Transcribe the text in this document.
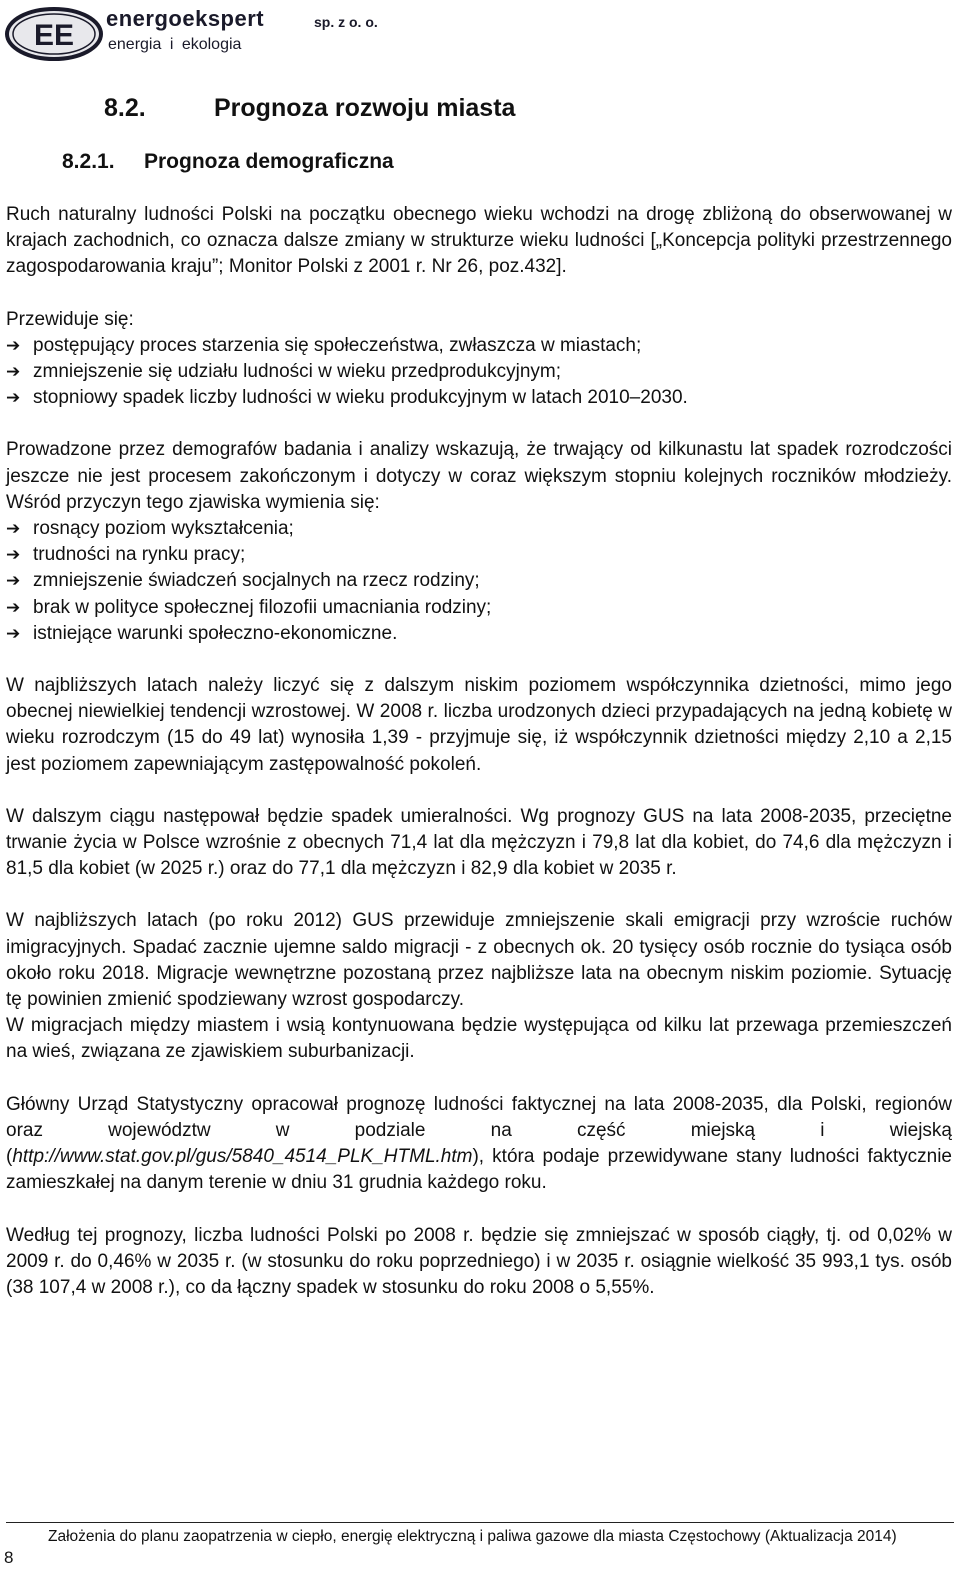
EE
energoekspert	sp. z o. o.
energia i ekologia
8.2.	Prognoza rozwoju miasta
8.2.1. Prognoza demograficzna

Ruch naturalny ludności Polski na początku obecnego wieku wchodzi na drogę zbliżoną do obserwowanej w krajach zachodnich, co oznacza dalsze zmiany w strukturze wieku ludności [„Koncepcja polityki przestrzennego zagospodarowania kraju”; Monitor Polski z 2001 r. Nr 26, poz.432].

Przewiduje się:

➔ postępujący proces starzenia się społeczeństwa, zwłaszcza w miastach;
➔ zmniejszenie się udziału ludności w wieku przedprodukcyjnym;
➔ stopniowy spadek liczby ludności w wieku produkcyjnym w latach 2010–2030.

Prowadzone przez demografów badania i analizy wskazują, że trwający od kilkunastu lat spadek rozrodczości jeszcze nie jest procesem zakończonym i dotyczy w coraz większym stopniu kolejnych roczników młodzieży. Wśród przyczyn tego zjawiska wymienia się:

➔ rosnący poziom wykształcenia;
➔ trudności na rynku pracy;
➔ zmniejszenie świadczeń socjalnych na rzecz rodziny;
➔ brak w polityce społecznej filozofii umacniania rodziny;
➔ istniejące warunki społeczno-ekonomiczne.

W najbliższych latach należy liczyć się z dalszym niskim poziomem współczynnika dzietności, mimo jego obecnej niewielkiej tendencji wzrostowej. W 2008 r. liczba urodzonych dzieci przypadających na jedną kobietę w wieku rozrodczym (15 do 49 lat) wynosiła 1,39 - przyjmuje się, iż współczynnik dzietności między 2,10 a 2,15 jest poziomem zapewniającym zastępowalność pokoleń.

W dalszym ciągu następował będzie spadek umieralności. Wg prognozy GUS na lata 2008-2035, przeciętne trwanie życia w Polsce wzrośnie z obecnych 71,4 lat dla mężczyzn i 79,8 lat dla kobiet, do 74,6 dla mężczyzn i 81,5 dla kobiet (w 2025 r.) oraz do 77,1 dla mężczyzn i 82,9 dla kobiet w 2035 r.

W najbliższych latach (po roku 2012) GUS przewiduje zmniejszenie skali emigracji przy wzroście ruchów imigracyjnych. Spadać zacznie ujemne saldo migracji - z obecnych ok. 20 tysięcy osób rocznie do tysiąca osób około roku 2018. Migracje wewnętrzne pozostaną przez najbliższe lata na obecnym niskim poziomie. Sytuację tę powinien zmienić spodziewany wzrost gospodarczy.

W migracjach między miastem i wsią kontynuowana będzie występująca od kilku lat przewaga przemieszczeń na wieś, związana ze zjawiskiem suburbanizacji.

Główny Urząd Statystyczny opracował prognozę ludności faktycznej na lata 2008-2035, dla Polski, regionów oraz województw w podziale na część miejską i wiejską (http://www.stat.gov.pl/gus/5840_4514_PLK_HTML.htm), która podaje przewidywane stany ludności faktycznie zamieszkałej na danym terenie w dniu 31 grudnia każdego roku.

Według tej prognozy, liczba ludności Polski po 2008 r. będzie się zmniejszać w sposób ciągły, tj. od 0,02% w 2009 r. do 0,46% w 2035 r. (w stosunku do roku poprzedniego) i w 2035 r. osiągnie wielkość 35 993,1 tys. osób (38 107,4 w 2008 r.), co da łączny spadek w stosunku do roku 2008 o 5,55%.

8
Założenia do planu zaopatrzenia w ciepło, energię elektryczną i paliwa gazowe dla miasta Częstochowy (Aktualizacja 2014)
